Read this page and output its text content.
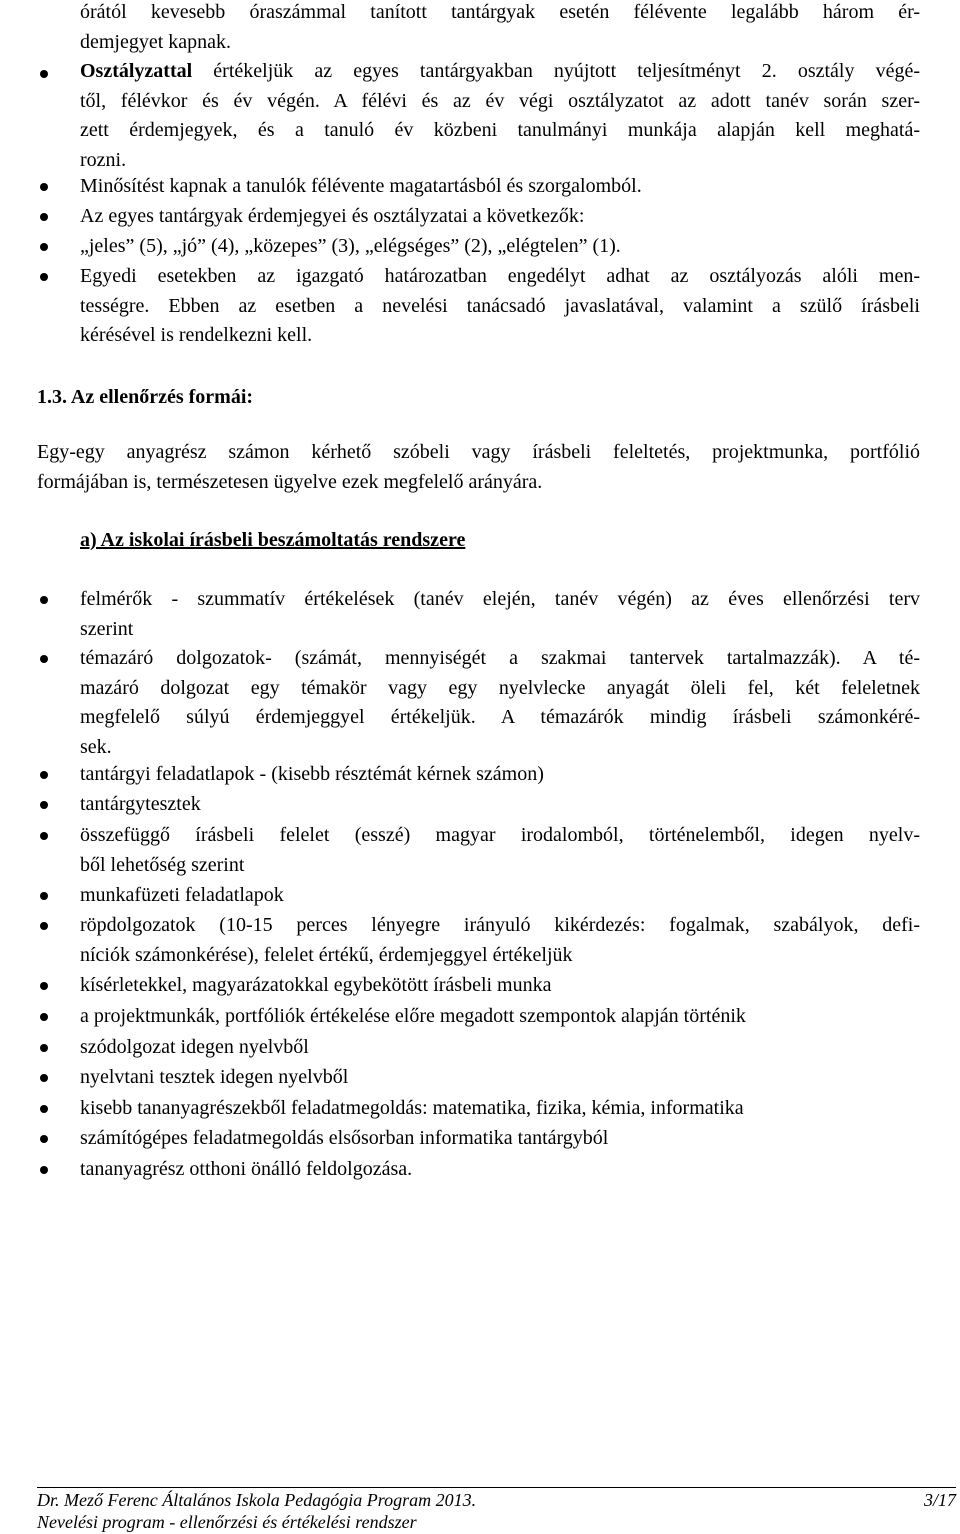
órától kevesebb óraszámmal tanított tantárgyak esetén félévente legalább három ér-
demjegyet kapnak.

Osztályzattal értékeljük az egyes tantárgyakban nyújtott teljesítményt 2. osztály végé-
től, félévkor és év végén. A félévi és az év végi osztályzatot az adott tanév során szer-
zett érdemjegyek, és a tanuló év közbeni tanulmányi munkája alapján kell meghatá-
rozni.

Minősítést kapnak a tanulók félévente magatartásból és szorgalomból.

Az egyes tantárgyak érdemjegyei és osztályzatai a következők:

„jeles” (5), „jó” (4), „közepes” (3), „elégséges” (2), „elégtelen” (1).

Egyedi esetekben az igazgató határozatban engedélyt adhat az osztályozás alóli men-
tességre. Ebben az esetben a nevelési tanácsadó javaslatával, valamint a szülő írásbeli
kérésével is rendelkezni kell.

1.3. Az ellenőrzés formái:

Egy-egy anyagrész számon kérhető szóbeli vagy írásbeli feleltetés, projektmunka, portfólió
formájában is, természetesen ügyelve ezek megfelelő arányára.

a) Az iskolai írásbeli beszámoltatás rendszere

felmérők - szummatív értékelések (tanév elején, tanév végén) az éves ellenőrzési terv
szerint

témazáró dolgozatok- (számát, mennyiségét a szakmai tantervek tartalmazzák). A té-
mazáró dolgozat egy témakör vagy egy nyelvlecke anyagát öleli fel, két feleletnek
megfelelő súlyú érdemjeggyel értékeljük. A témazárók mindig írásbeli számonkéré-
sek.

tantárgyi feladatlapok - (kisebb résztémát kérnek számon)

tantárgytesztek

összefüggő írásbeli felelet (esszé) magyar irodalomból, történelemből, idegen nyelv-
ből lehetőség szerint

munkafüzeti feladatlapok

röpdolgozatok (10-15 perces lényegre irányuló kikérdezés: fogalmak, szabályok, defi-
níciók számonkérése), felelet értékű, érdemjeggyel értékeljük

kísérletekkel, magyarázatokkal egybekötött írásbeli munka

a projektmunkák, portfóliók értékelése előre megadott szempontok alapján történik

szódolgozat idegen nyelvből

nyelvtani tesztek idegen nyelvből

kisebb tananyagrészekből feladatmegoldás: matematika, fizika, kémia, informatika

számítógépes feladatmegoldás elsősorban informatika tantárgyból

tananyagrész otthoni önálló feldolgozása.

Dr. Mező Ferenc Általános Iskola Pedagógia Program 2013.	3/17
Nevelési program - ellenőrzési és értékelési rendszer
